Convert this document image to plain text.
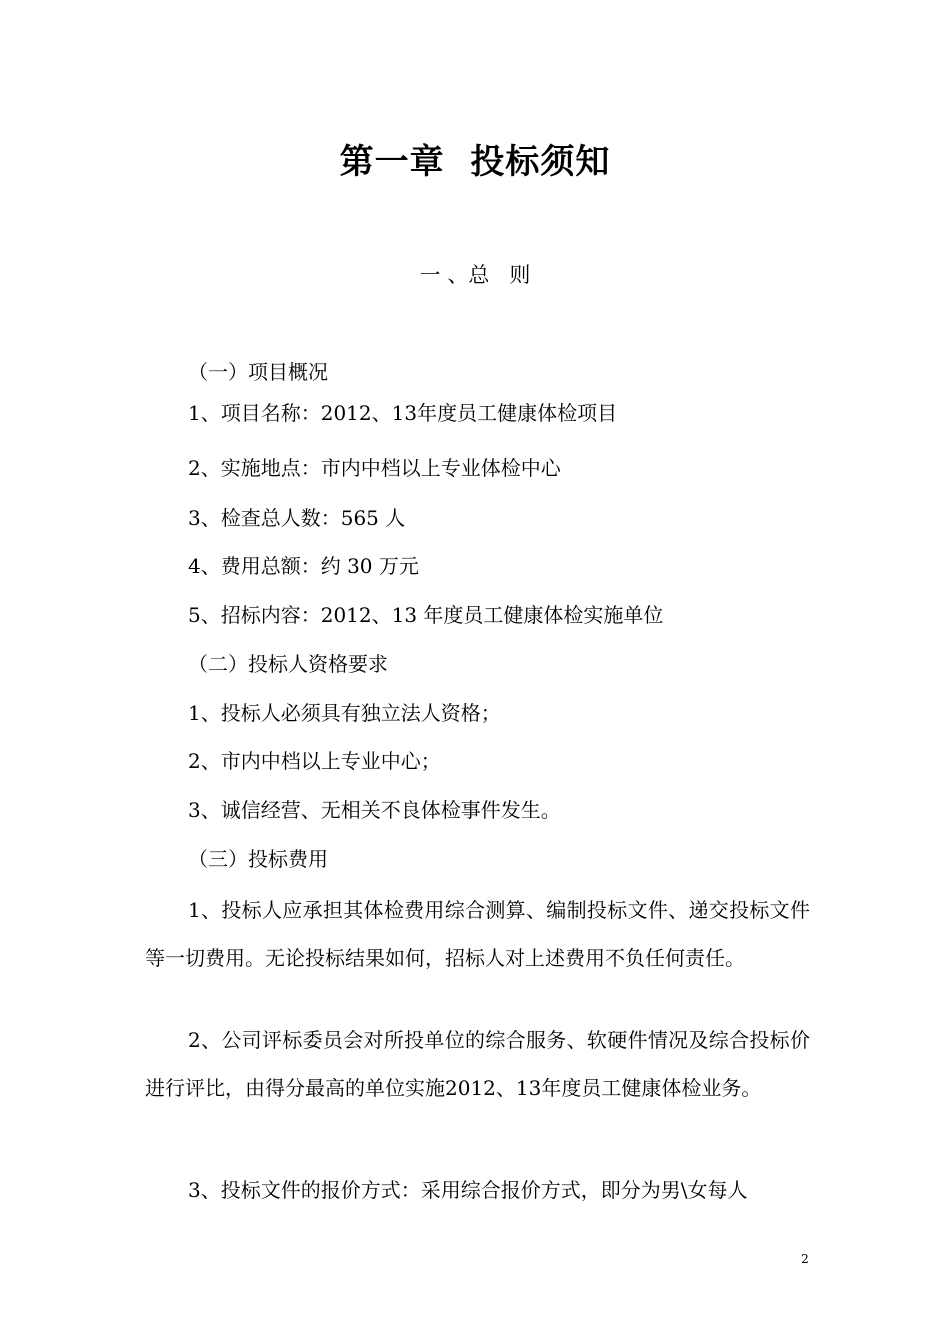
第一章  投标须知
一 、总   则
（一）项目概况
1、项目名称：2012、13年度员工健康体检项目
2、实施地点：市内中档以上专业体检中心
3、检查总人数：565 人
4、费用总额：约 30 万元
5、招标内容：2012、13 年度员工健康体检实施单位
（二）投标人资格要求
1、投标人必须具有独立法人资格；
2、市内中档以上专业中心；
3、诚信经营、无相关不良体检事件发生。
（三）投标费用
1、投标人应承担其体检费用综合测算、编制投标文件、递交投标文件等一切费用。无论投标结果如何，招标人对上述费用不负任何责任。
2、公司评标委员会对所投单位的综合服务、软硬件情况及综合投标价进行评比，由得分最高的单位实施2012、13年度员工健康体检业务。
3、投标文件的报价方式：采用综合报价方式，即分为男\女每人
2
